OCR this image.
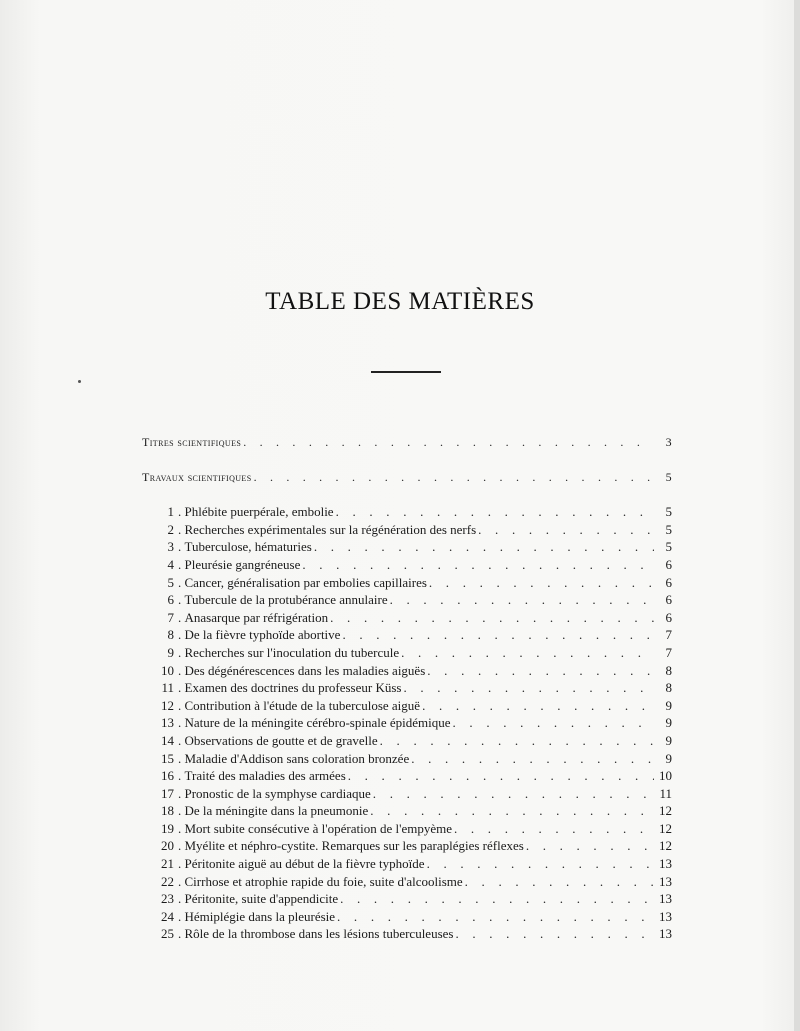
TABLE DES MATIÈRES
Titres scientifiques . . .	3
Travaux scientifiques . . .	5
1 . Phlébite puerpérale, embolie . . .	5
2 . Recherches expérimentales sur la régénération des nerfs . . .	5
3 . Tuberculose, hématuries . . .	5
4 . Pleurésie gangréneuse . . .	6
5 . Cancer, généralisation par embolies capillaires . . .	6
6 . Tubercule de la protubérance annulaire . . .	6
7 . Anasarque par réfrigération . . .	6
8 . De la fièvre typhoïde abortive . . .	7
9 . Recherches sur l'inoculation du tubercule . . .	7
10 . Des dégénérescences dans les maladies aiguës . . .	8
11 . Examen des doctrines du professeur Küss . . .	8
12 . Contribution à l'étude de la tuberculose aiguë . . .	9
13 . Nature de la méningite cérébro-spinale épidémique . . .	9
14 . Observations de goutte et de gravelle . . .	9
15 . Maladie d'Addison sans coloration bronzée . . .	9
16 . Traité des maladies des armées . . .	10
17 . Pronostic de la symphyse cardiaque . . .	11
18 . De la méningite dans la pneumonie . . .	12
19 . Mort subite consécutive à l'opération de l'empyème . . .	12
20 . Myélite et néphro-cystite. Remarques sur les paraplégies réflexes . . .	12
21 . Péritonite aiguë au début de la fièvre typhoïde . . .	13
22 . Cirrhose et atrophie rapide du foie, suite d'alcoolisme . . .	13
23 . Péritonite, suite d'appendicite . . .	13
24 . Hémiplégie dans la pleurésie . . .	13
25 . Rôle de la thrombose dans les lésions tuberculeuses . . .	13
